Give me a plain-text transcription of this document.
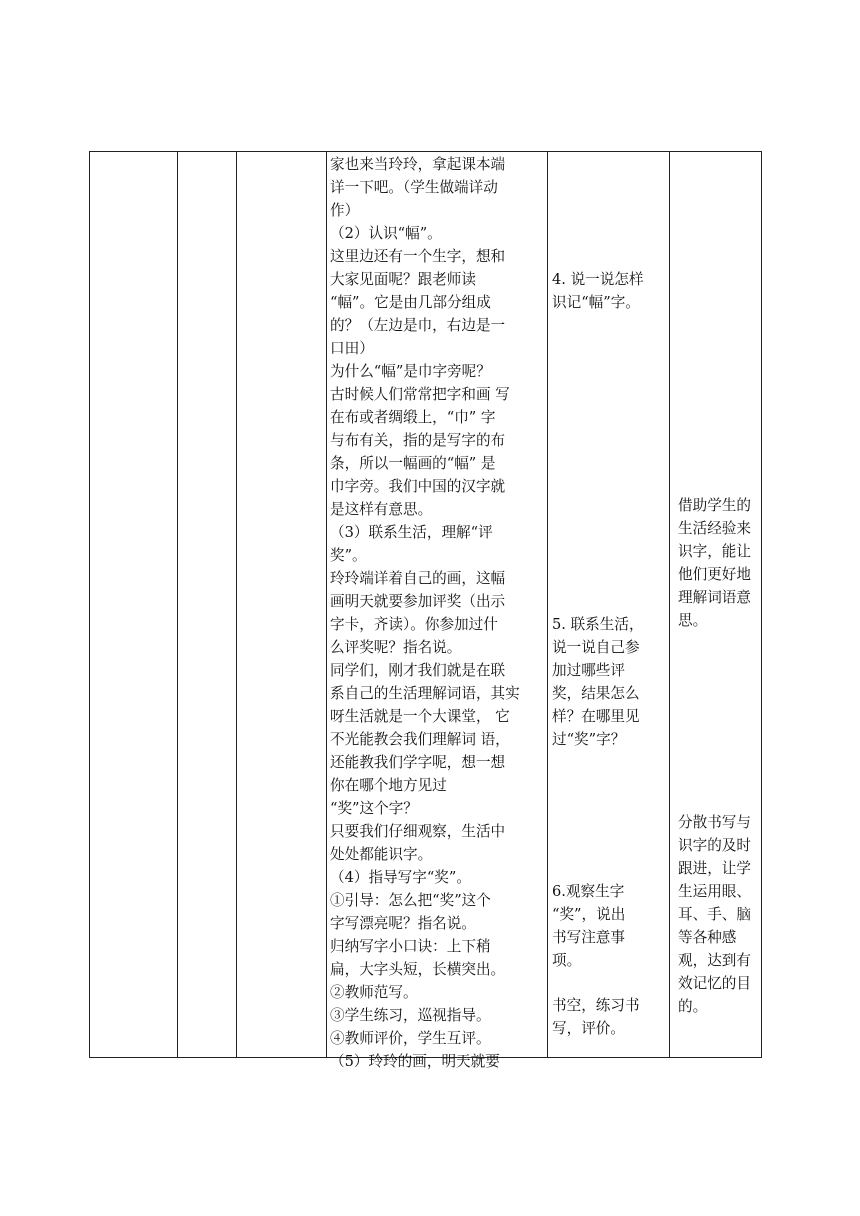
家也来当玲玲，拿起课本端

详一下吧。（学生做端详动

作）

（2）认识“幅”。

这里边还有一个生字，想和

大家见面呢？跟老师读

“幅”。它是由几部分组成

的？（左边是巾，右边是一

口田）

为什么“幅”是巾字旁呢？

古时候人们常常把字和画 写

在布或者绸缎上，“巾” 字

与布有关，指的是写字的布

条，所以一幅画的“幅” 是

巾字旁。我们中国的汉字就

是这样有意思。

（3）联系生活，理解“评

奖”。

玲玲端详着自己的画，这幅

画明天就要参加评奖（出示

字卡，齐读）。你参加过什

么评奖呢？指名说。

同学们，刚才我们就是在联

系自己的生活理解词语，其实

呀生活就是一个大课堂， 它

不光能教会我们理解词 语，

还能教我们学字呢，想一想

你在哪个地方见过

“奖”这个字？

只要我们仔细观察，生活中

处处都能识字。

（4）指导写字“奖”。

①引导：怎么把“奖”这个

字写漂亮呢？指名说。

归纳写字小口诀：上下稍

扁，大字头短，长横突出。

②教师范写。

③学生练习，巡视指导。

④教师评价，学生互评。

（5）玲玲的画，明天就要

4. 说一说怎样

识记“幅”字。

5. 联系生活，

说一说自己参

加过哪些评

奖，结果怎么

样？在哪里见

过“奖”字？

6.观察生字

“奖”，说出

书写注意事

项。

书空，练习书

写，评价。

借助学生的

生活经验来

识字，能让

他们更好地

理解词语意

思。

分散书写与

识字的及时

跟进，让学

生运用眼、

耳、手、脑

等各种感

观，达到有

效记忆的目

的。
